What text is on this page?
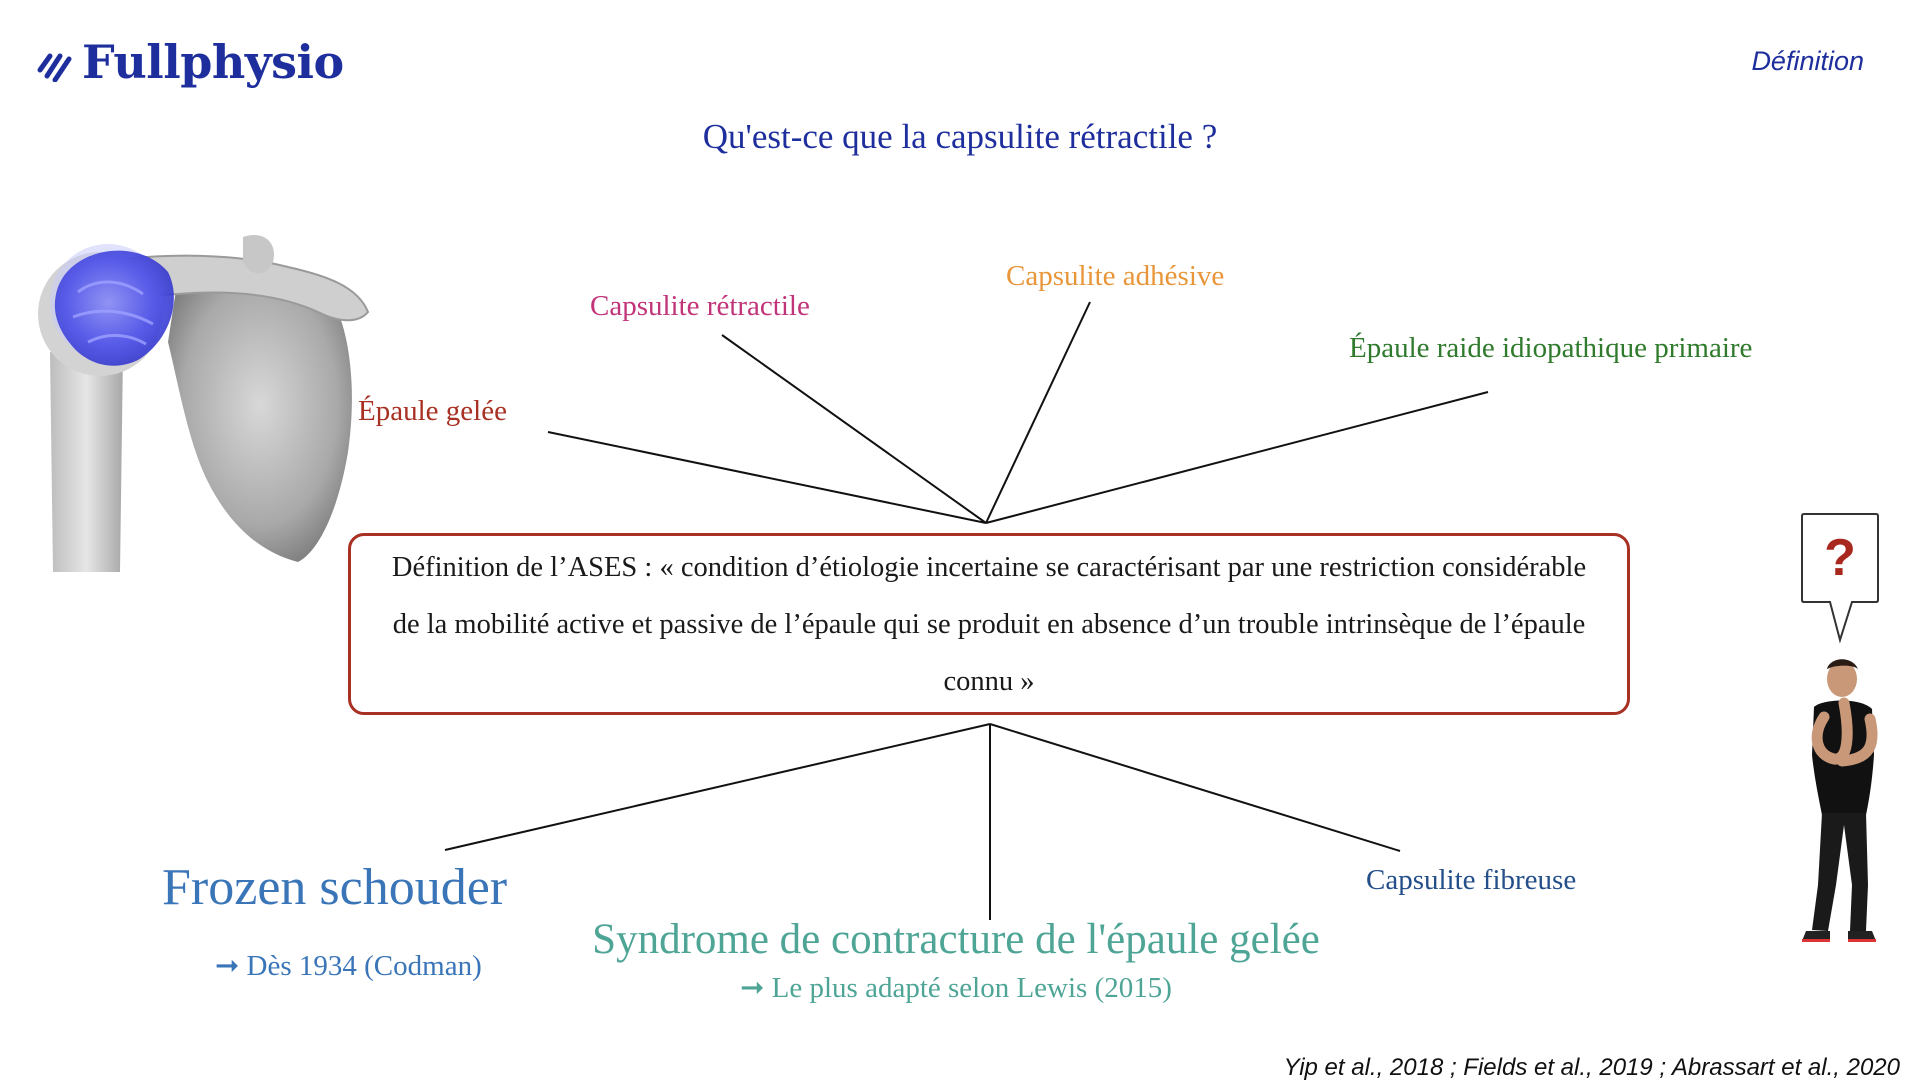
Fullphysio	Définition
Qu'est-ce que la capsulite rétractile ?
Épaule gelée
Capsulite rétractile
Capsulite adhésive
Épaule raide idiopathique primaire
Définition de l’ASES : « condition d’étiologie incertaine se caractérisant par une restriction considérable de la mobilité active et passive de l’épaule qui se produit en absence d’un trouble intrinsèque de l’épaule connu »
Frozen schouder
➞ Dès 1934 (Codman)
Syndrome de contracture de l'épaule gelée
➞ Le plus adapté selon Lewis (2015)
Capsulite fibreuse
?
Yip et al., 2018 ; Fields et al., 2019 ; Abrassart et al., 2020
